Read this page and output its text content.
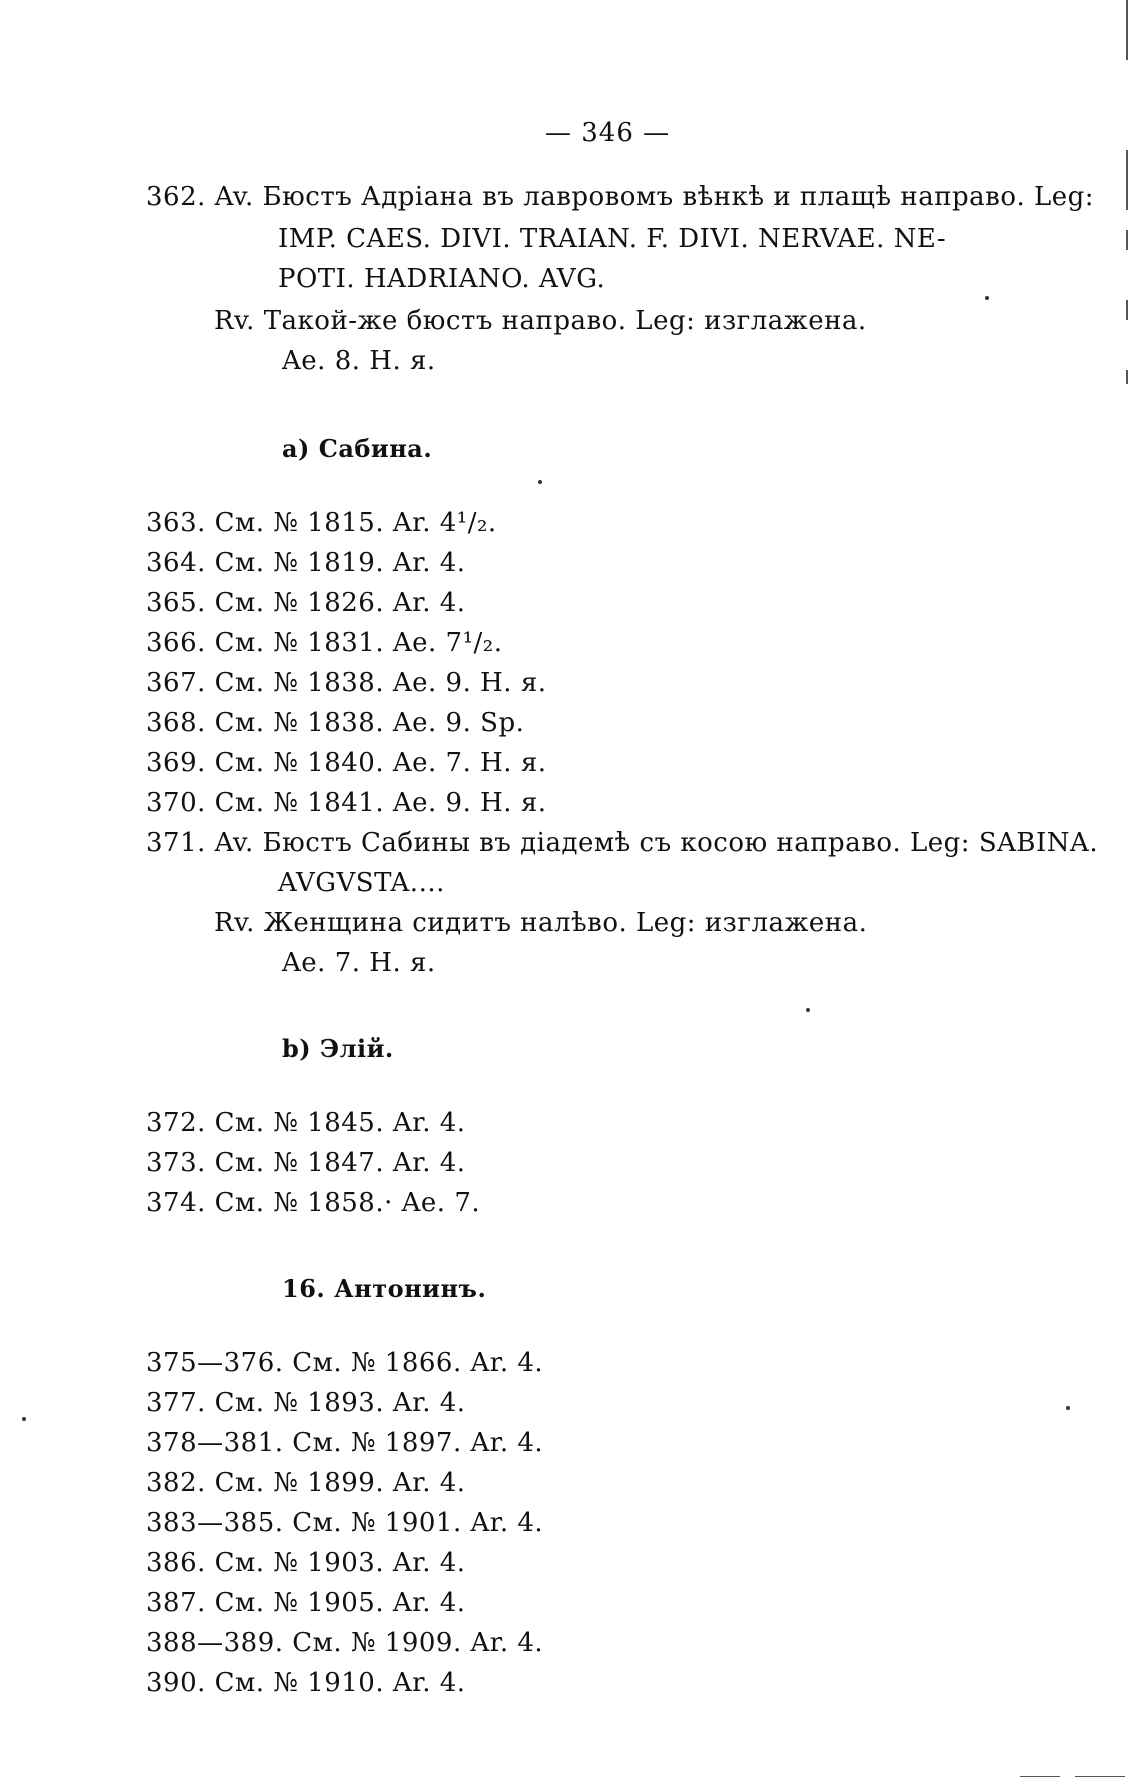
— 346 —
362. Av. Бюстъ Адріана въ лавровомъ вѣнкѣ и плащѣ направо. Leg:
IMP. CAES. DIVI. TRAIAN. F. DIVI. NERVAE. NE-
POTI. HADRIANO. AVG.
Rv. Такой-же бюстъ направо. Leg: изглажена.
Ae. 8. H. я.
а) Сабина.
363. См. № 1815. Ar. 4¹/₂.
364. См. № 1819. Ar. 4.
365. См. № 1826. Ar. 4.
366. См. № 1831. Ae. 7¹/₂.
367. См. № 1838. Ae. 9. H. я.
368. См. № 1838. Ae. 9. Sp.
369. См. № 1840. Ae. 7. H. я.
370. См. № 1841. Ae. 9. H. я.
371. Av. Бюстъ Сабины въ діадемѣ съ косою направо. Leg: SABINA.
AVGVSTA....
Rv. Женщина сидитъ налѣво. Leg: изглажена.
Ae. 7. H. я.
b) Элій.
372. См. № 1845. Ar. 4.
373. См. № 1847. Ar. 4.
374. См. № 1858.· Ae. 7.
16. Антонинъ.
375—376. См. № 1866. Ar. 4.
377. См. № 1893. Ar. 4.
378—381. См. № 1897. Ar. 4.
382. См. № 1899. Ar. 4.
383—385. См. № 1901. Ar. 4.
386. См. № 1903. Ar. 4.
387. См. № 1905. Ar. 4.
388—389. См. № 1909. Ar. 4.
390. См. № 1910. Ar. 4.
